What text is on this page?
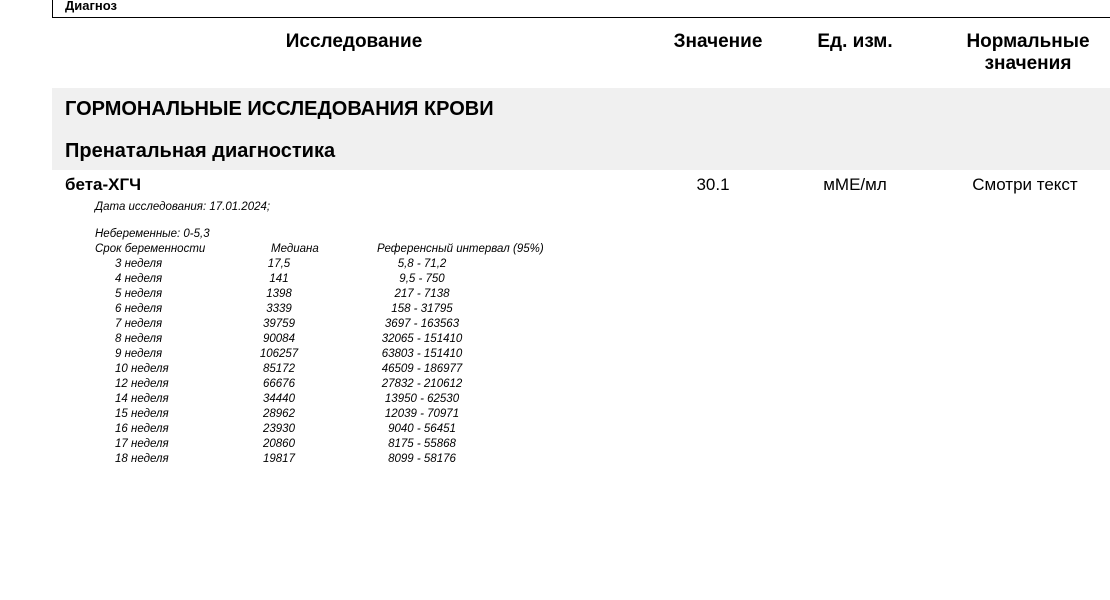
Диагноз
Исследование	Значение	Ед. изм.	Нормальные
значения
ГОРМОНАЛЬНЫЕ ИССЛЕДОВАНИЯ КРОВИ
Пренатальная диагностика
бета-ХГЧ	30.1	мМЕ/мл	Смотри текст
Дата исследования: 17.01.2024;
Небеременные: 0-5,3
Срок беременности	Медиана	Референсный интервал (95%)
3 неделя	17,5	5,8 - 71,2
4 неделя	141	9,5 - 750
5 неделя	1398	217 - 7138
6 неделя	3339	158 - 31795
7 неделя	39759	3697 - 163563
8 неделя	90084	32065 - 151410
9 неделя	106257	63803 - 151410
10 неделя	85172	46509 - 186977
12 неделя	66676	27832 - 210612
14 неделя	34440	13950 - 62530
15 неделя	28962	12039 - 70971
16 неделя	23930	9040 - 56451
17 неделя	20860	8175 - 55868
18 неделя	19817	8099 - 58176
